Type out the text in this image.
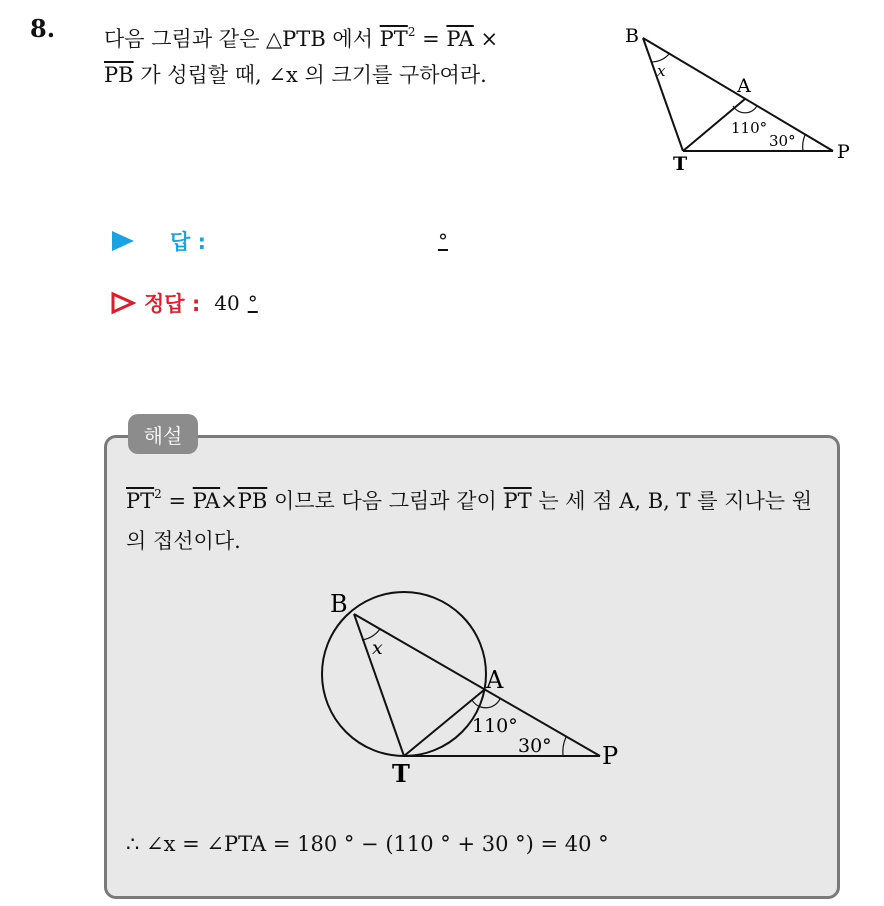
8. 다음 그림과 같은 △PTB 에서 $\overline{PT}^2 = \overline{PA}$ ×
$\overline{PB}$ 가 성립할 때, ∠x 의 크기를 구하여라.
B
A
T
P
x
110°
30°
답 :	°
정답 : 40 °
해설
$\overline{PT}^2 = \overline{PA}\times\overline{PB}$ 이므로 다음 그림과 같이 $\overline{PT}$ 는 세 점 A, B, T 를 지나는 원의 접선이다.
B
A
T
P
x
110°
30°
∴ ∠x = ∠PTA = 180 ° − (110 ° + 30 °) = 40 °
